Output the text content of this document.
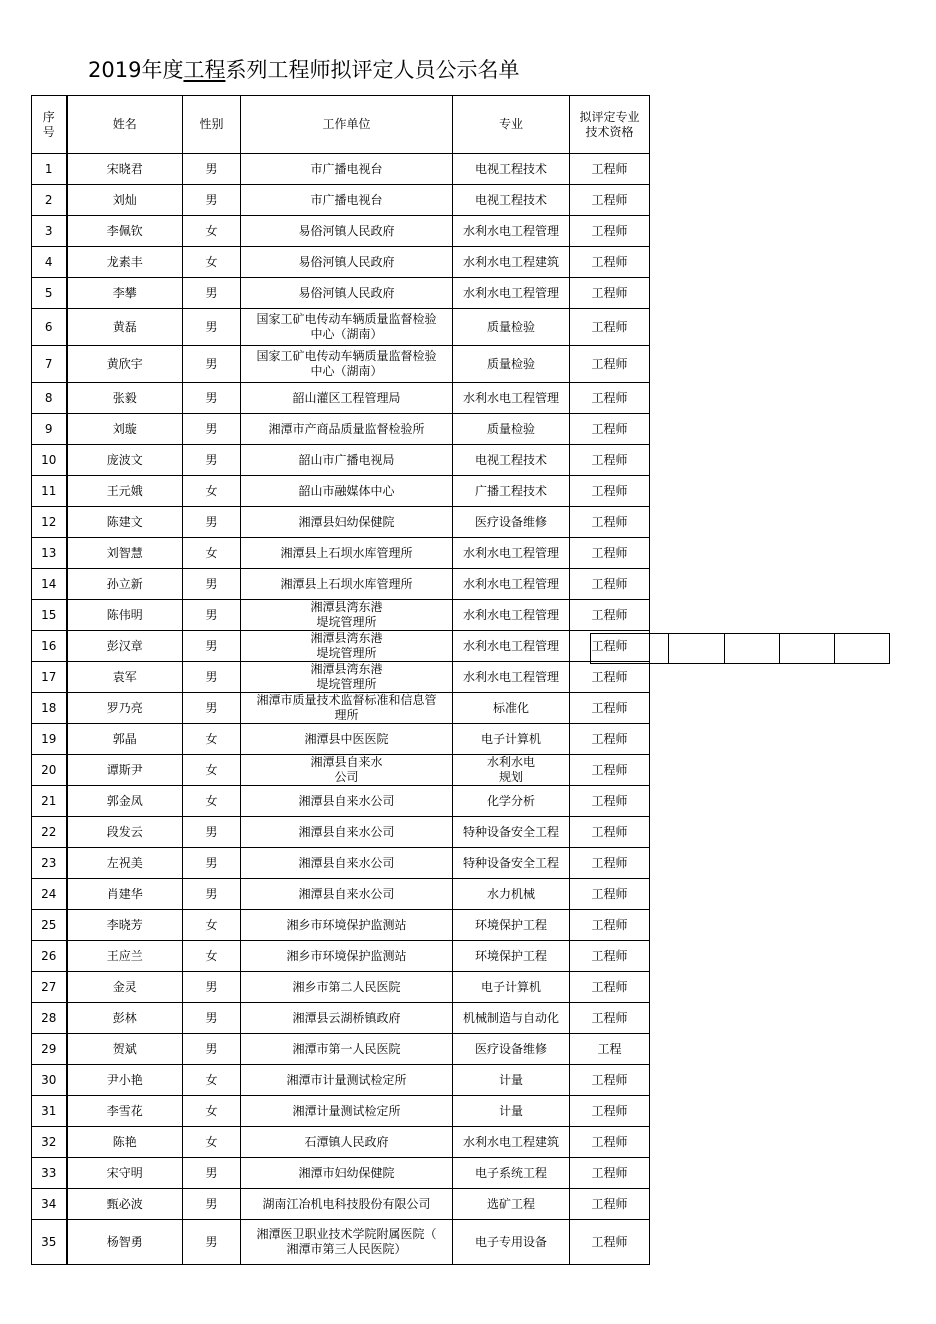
2019年度工程系列工程师拟评定人员公示名单
序
号	姓名	性别	工作单位	专业	拟评定专业
技术资格
1	宋晓君	男	市广播电视台	电视工程技术	工程师
2	刘灿	男	市广播电视台	电视工程技术	工程师
3	李佩钦	女	易俗河镇人民政府	水利水电工程管理	工程师
4	龙素丰	女	易俗河镇人民政府	水利水电工程建筑	工程师
5	李攀	男	易俗河镇人民政府	水利水电工程管理	工程师
6	黄磊	男	国家工矿电传动车辆质量监督检验
中心（湖南）	质量检验	工程师
7	黄欣宇	男	国家工矿电传动车辆质量监督检验
中心（湖南）	质量检验	工程师
8	张毅	男	韶山灌区工程管理局	水利水电工程管理	工程师
9	刘璇	男	湘潭市产商品质量监督检验所	质量检验	工程师
10	庞波文	男	韶山市广播电视局	电视工程技术	工程师
11	王元娥	女	韶山市融媒体中心	广播工程技术	工程师
12	陈建文	男	湘潭县妇幼保健院	医疗设备维修	工程师
13	刘智慧	女	湘潭县上石坝水库管理所	水利水电工程管理	工程师
14	孙立新	男	湘潭县上石坝水库管理所	水利水电工程管理	工程师
15	陈伟明	男	湘潭县湾东港
堤垸管理所	水利水电工程管理	工程师
16	彭汉章	男	湘潭县湾东港
堤垸管理所	水利水电工程管理	工程师
17	袁军	男	湘潭县湾东港
堤垸管理所	水利水电工程管理	工程师
18	罗乃亮	男	湘潭市质量技术监督标准和信息管
理所	标准化	工程师
19	郭晶	女	湘潭县中医医院	电子计算机	工程师
20	谭斯尹	女	湘潭县自来水
公司	水利水电
规划	工程师
21	郭金凤	女	湘潭县自来水公司	化学分析	工程师
22	段发云	男	湘潭县自来水公司	特种设备安全工程	工程师
23	左祝美	男	湘潭县自来水公司	特种设备安全工程	工程师
24	肖建华	男	湘潭县自来水公司	水力机械	工程师
25	李晓芳	女	湘乡市环境保护监测站	环境保护工程	工程师
26	王应兰	女	湘乡市环境保护监测站	环境保护工程	工程师
27	金灵	男	湘乡市第二人民医院	电子计算机	工程师
28	彭林	男	湘潭县云湖桥镇政府	机械制造与自动化	工程师
29	贺斌	男	湘潭市第一人民医院	医疗设备维修	工程
30	尹小艳	女	湘潭市计量测试检定所	计量	工程师
31	李雪花	女	湘潭计量测试检定所	计量	工程师
32	陈艳	女	石潭镇人民政府	水利水电工程建筑	工程师
33	宋守明	男	湘潭市妇幼保健院	电子系统工程	工程师
34	甄必波	男	湖南江冶机电科技股份有限公司	选矿工程	工程师
35	杨智勇	男	湘潭医卫职业技术学院附属医院（
湘潭市第三人民医院）	电子专用设备	工程师
